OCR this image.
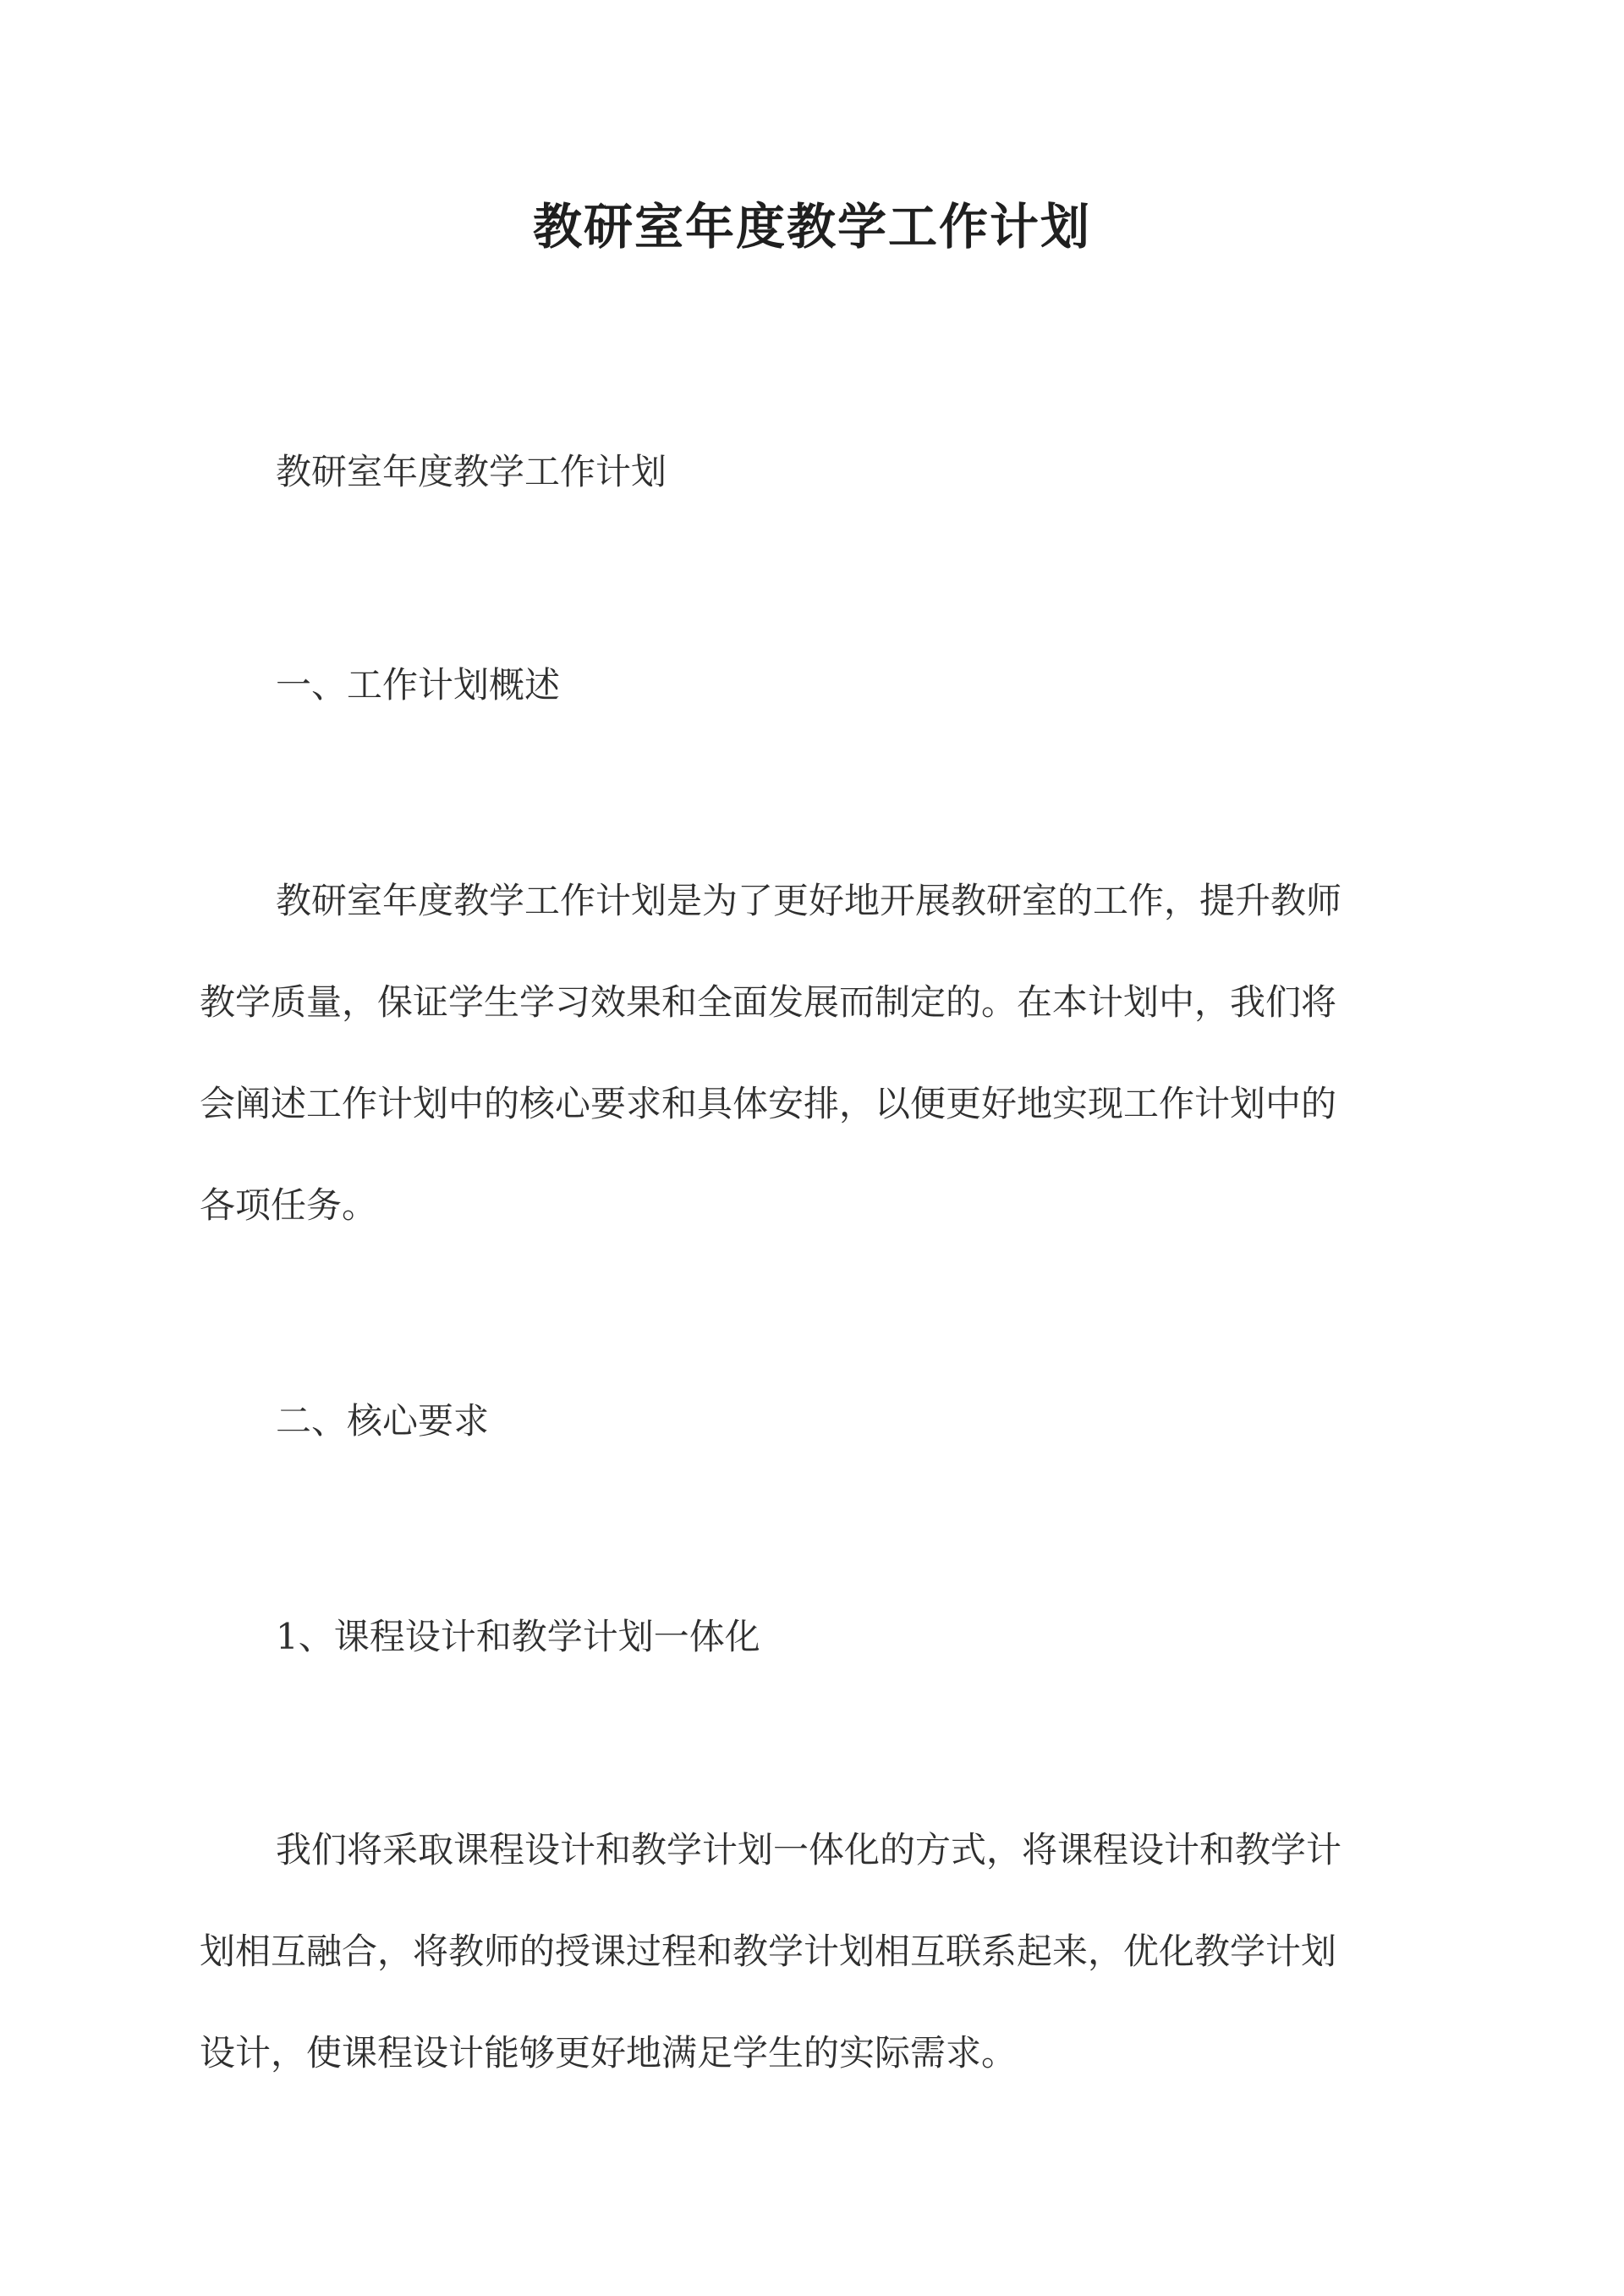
教研室年度教学工作计划
教研室年度教学工作计划
一、工作计划概述
教研室年度教学工作计划是为了更好地开展教研室的工作，提升教师
教学质量，保证学生学习效果和全面发展而制定的。在本计划中，我们将
会阐述工作计划中的核心要求和具体安排，以便更好地实现工作计划中的
各项任务。
二、核心要求
1、课程设计和教学计划一体化
我们将采取课程设计和教学计划一体化的方式，将课程设计和教学计
划相互融合，将教师的授课过程和教学计划相互联系起来，优化教学计划
设计，使课程设计能够更好地满足学生的实际需求。
